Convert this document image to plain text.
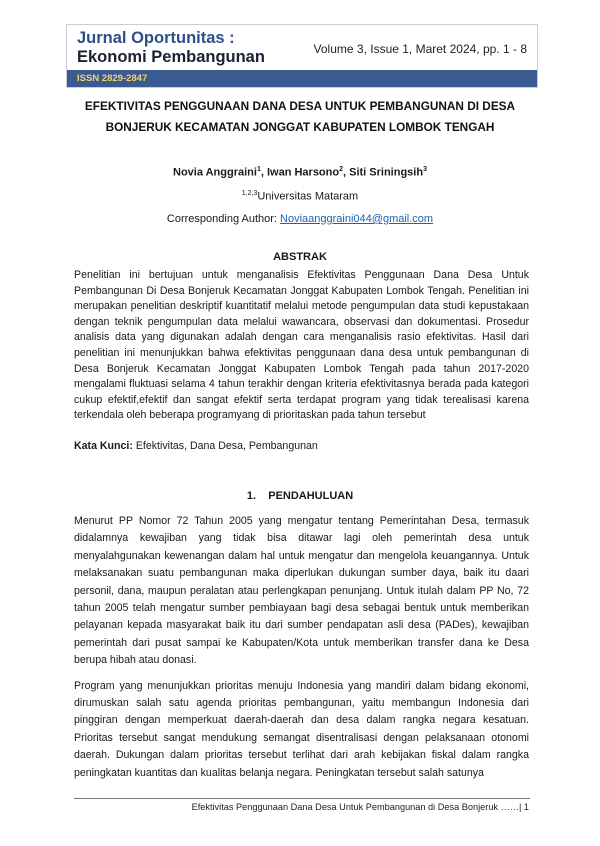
Jurnal Oportunitas :
Ekonomi Pembangunan	Volume 3, Issue 1, Maret 2024, pp. 1 - 8
ISSN 2829-2847
EFEKTIVITAS PENGGUNAAN DANA DESA UNTUK PEMBANGUNAN DI DESA
BONJERUK KECAMATAN JONGGAT KABUPATEN LOMBOK TENGAH
Novia Anggraini$^1$, Iwan Harsono$^2$, Siti Sriningsih$^3$
$^{1,2,3}$Universitas Mataram
Corresponding Author: Noviaanggraini044@gmail.com
ABSTRAK
Penelitian ini bertujuan untuk menganalisis Efektivitas Penggunaan Dana Desa Untuk Pembangunan Di Desa Bonjeruk Kecamatan Jonggat Kabupaten Lombok Tengah. Penelitian ini merupakan penelitian deskriptif kuantitatif melalui metode pengumpulan data studi kepustakaan dengan teknik pengumpulan data melalui wawancara, observasi dan dokumentasi. Prosedur analisis data yang digunakan adalah dengan cara menganalisis rasio efektivitas. Hasil dari penelitian ini menunjukkan bahwa efektivitas penggunaan dana desa untuk pembangunan di Desa Bonjeruk Kecamatan Jonggat Kabupaten Lombok Tengah pada tahun 2017-2020 mengalami fluktuasi selama 4 tahun terakhir dengan kriteria efektivitasnya berada pada kategori cukup efektif,efektif dan sangat efektif serta terdapat program yang tidak terealisasi karena terkendala oleh beberapa programyang di prioritaskan pada tahun tersebut
Kata Kunci: Efektivitas, Dana Desa, Pembangunan
1.    PENDAHULUAN

Menurut PP Nomor 72 Tahun 2005 yang mengatur tentang Pemerintahan Desa, termasuk didalamnya kewajiban yang tidak bisa ditawar lagi oleh pemerintah desa untuk menyalahgunakan kewenangan dalam hal untuk mengatur dan mengelola keuangannya. Untuk melaksanakan suatu pembangunan maka diperlukan dukungan sumber daya, baik itu daari personil, dana, maupun peralatan atau perlengkapan penunjang. Untuk itulah dalam PP No, 72 tahun 2005 telah mengatur sumber pembiayaan bagi desa sebagai bentuk untuk memberikan pelayanan kepada masyarakat baik itu dari sumber pendapatan asli desa (PADes), kewajiban pemerintah dari pusat sampai ke Kabupaten/Kota untuk memberikan transfer dana ke Desa berupa hibah atau donasi.

Program yang menunjukkan prioritas menuju Indonesia yang mandiri dalam bidang ekonomi, dirumuskan salah satu agenda prioritas pembangunan, yaitu membangun Indonesia dari pinggiran dengan memperkuat daerah-daerah dan desa dalam rangka negara kesatuan. Prioritas tersebut sangat mendukung semangat disentralisasi dengan pelaksanaan otonomi daerah. Dukungan dalam prioritas tersebut terlihat dari arah kebijakan fiskal dalam rangka peningkatan kuantitas dan kualitas belanja negara. Peningkatan tersebut salah satunya

Efektivitas Penggunaan Dana Desa Untuk Pembangunan di Desa Bonjeruk ……| 1
